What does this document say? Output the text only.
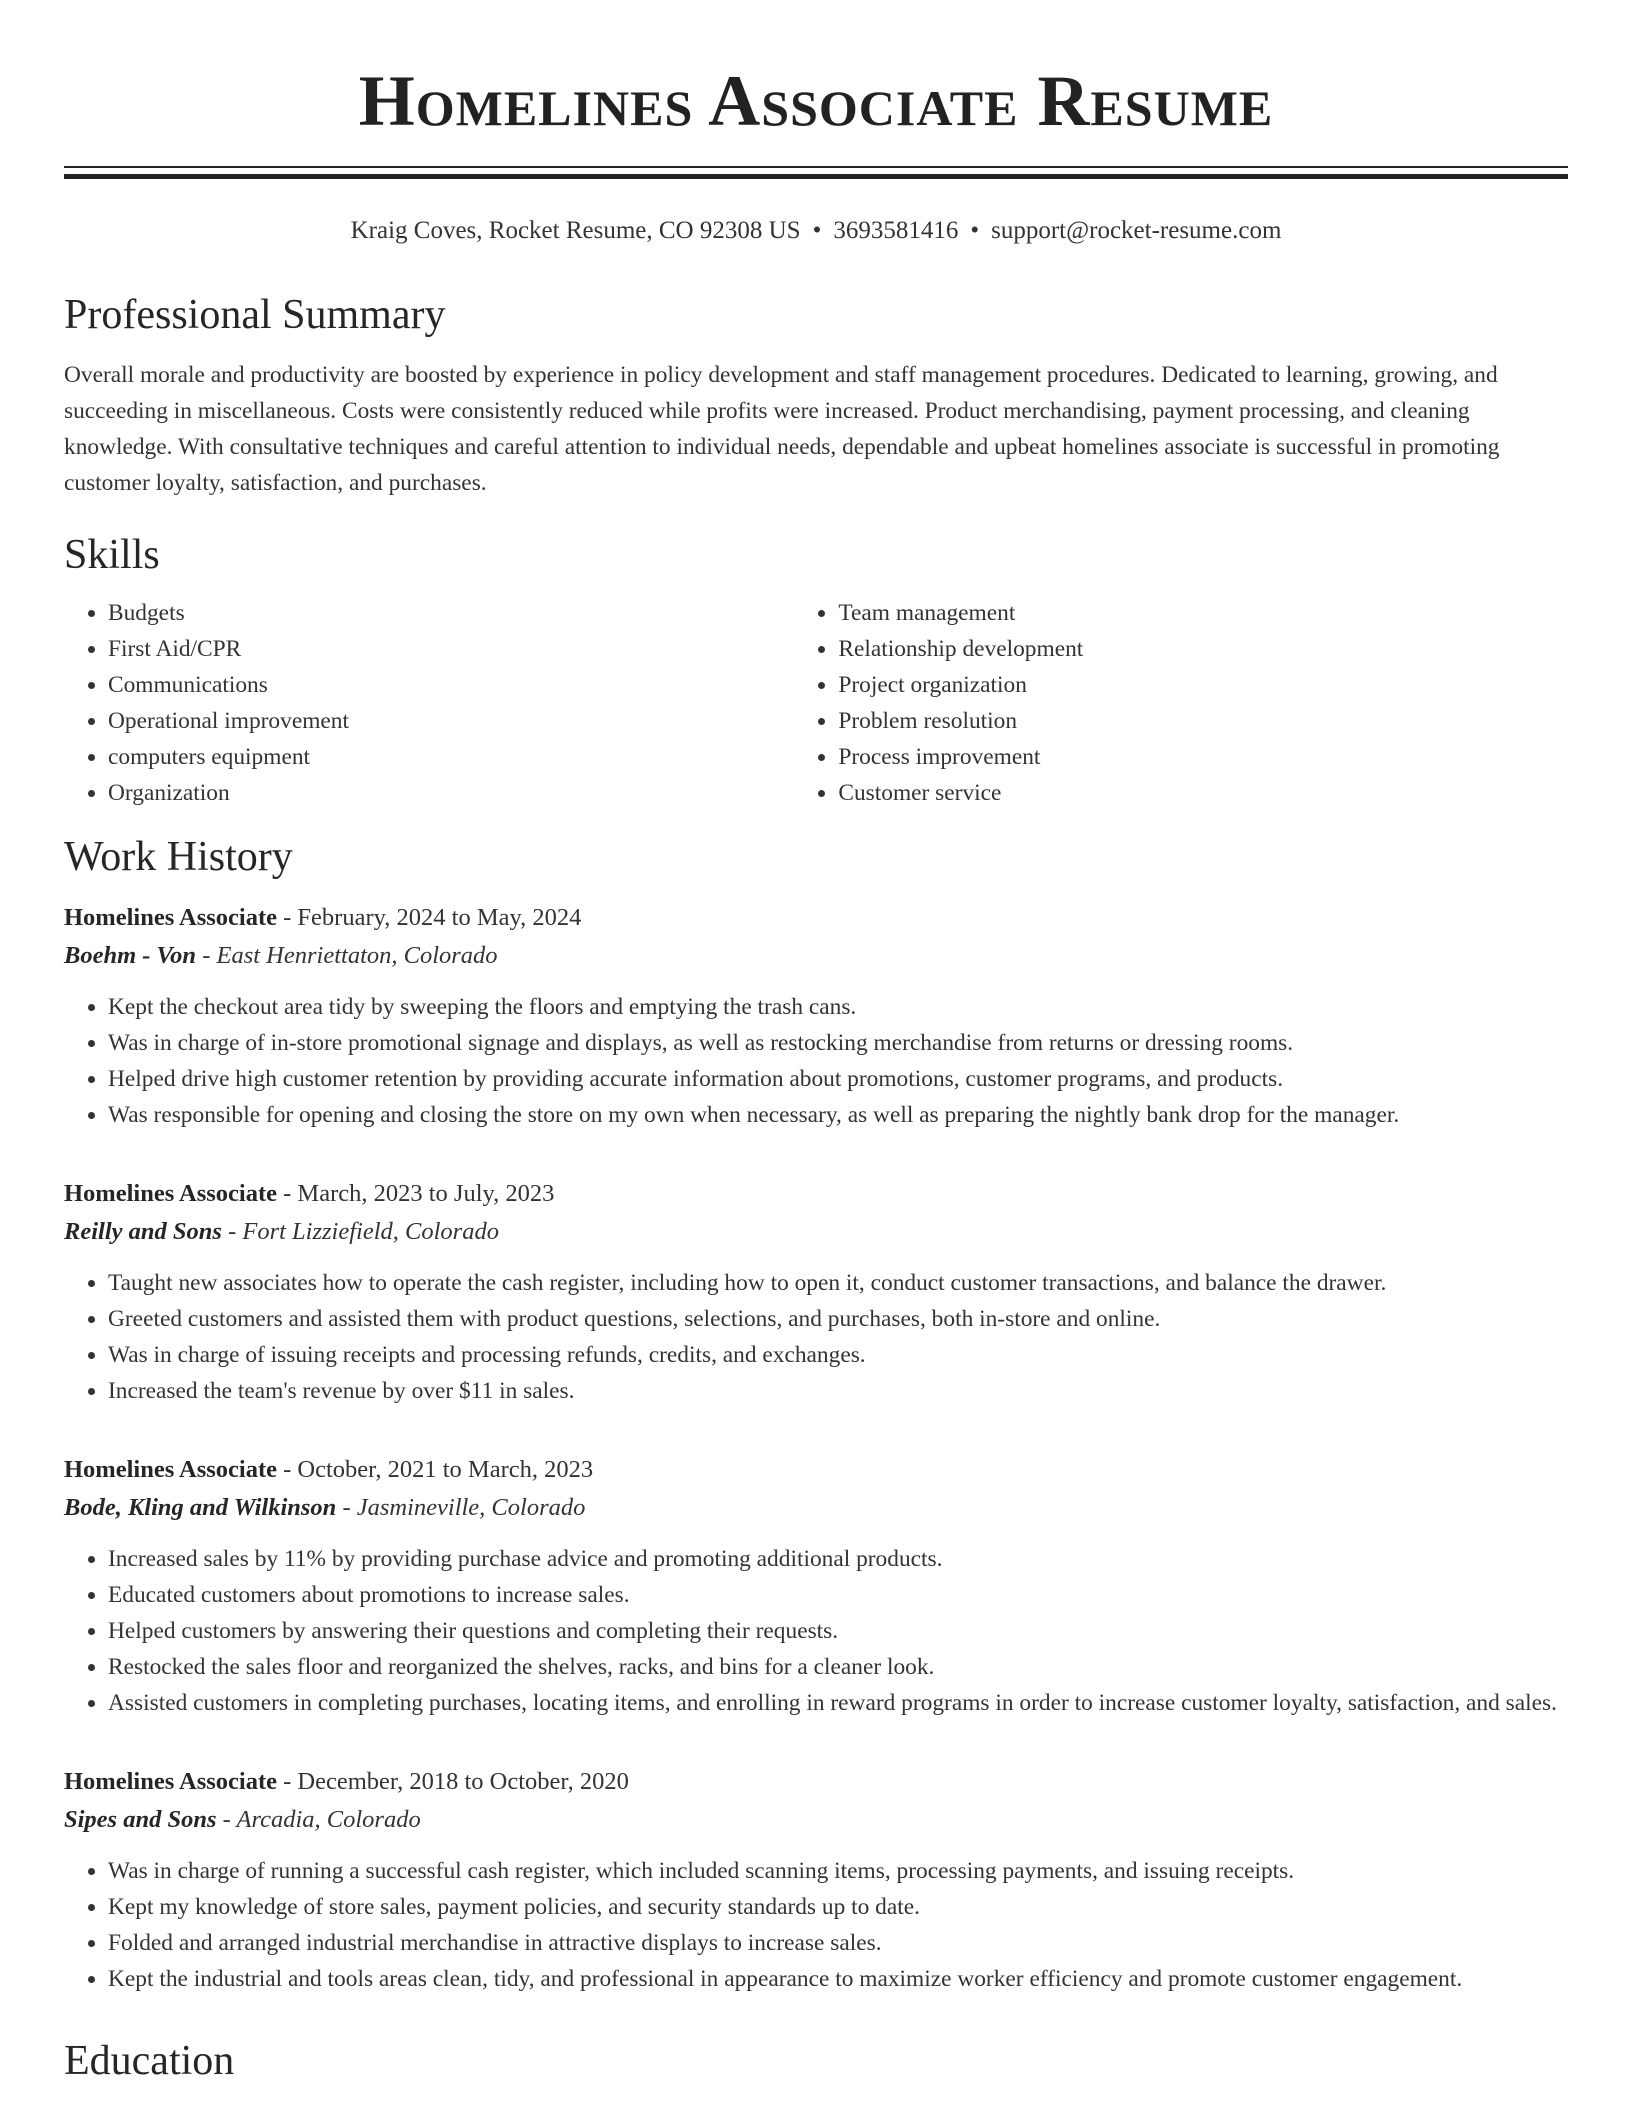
Homelines Associate Resume
Kraig Coves, Rocket Resume, CO 92308 US • 3693581416 • support@rocket-resume.com
Professional Summary

Overall morale and productivity are boosted by experience in policy development and staff management procedures. Dedicated to learning, growing, and succeeding in miscellaneous. Costs were consistently reduced while profits were increased. Product merchandising, payment processing, and cleaning knowledge. With consultative techniques and careful attention to individual needs, dependable and upbeat homelines associate is successful in promoting customer loyalty, satisfaction, and purchases.

Skills
• Budgets
• First Aid/CPR
• Communications
• Operational improvement
• computers equipment
• Organization
• Team management
• Relationship development
• Project organization
• Problem resolution
• Process improvement
• Customer service
Work History
Homelines Associate - February, 2024 to May, 2024
Boehm - Von - East Henriettaton, Colorado
• Kept the checkout area tidy by sweeping the floors and emptying the trash cans.
• Was in charge of in-store promotional signage and displays, as well as restocking merchandise from returns or dressing rooms.
• Helped drive high customer retention by providing accurate information about promotions, customer programs, and products.
• Was responsible for opening and closing the store on my own when necessary, as well as preparing the nightly bank drop for the manager.
Homelines Associate - March, 2023 to July, 2023
Reilly and Sons - Fort Lizziefield, Colorado
• Taught new associates how to operate the cash register, including how to open it, conduct customer transactions, and balance the drawer.
• Greeted customers and assisted them with product questions, selections, and purchases, both in-store and online.
• Was in charge of issuing receipts and processing refunds, credits, and exchanges.
• Increased the team's revenue by over $11 in sales.
Homelines Associate - October, 2021 to March, 2023
Bode, Kling and Wilkinson - Jasmineville, Colorado
• Increased sales by 11% by providing purchase advice and promoting additional products.
• Educated customers about promotions to increase sales.
• Helped customers by answering their questions and completing their requests.
• Restocked the sales floor and reorganized the shelves, racks, and bins for a cleaner look.
• Assisted customers in completing purchases, locating items, and enrolling in reward programs in order to increase customer loyalty, satisfaction, and sales.
Homelines Associate - December, 2018 to October, 2020
Sipes and Sons - Arcadia, Colorado
• Was in charge of running a successful cash register, which included scanning items, processing payments, and issuing receipts.
• Kept my knowledge of store sales, payment policies, and security standards up to date.
• Folded and arranged industrial merchandise in attractive displays to increase sales.
• Kept the industrial and tools areas clean, tidy, and professional in appearance to maximize worker efficiency and promote customer engagement.
Education
